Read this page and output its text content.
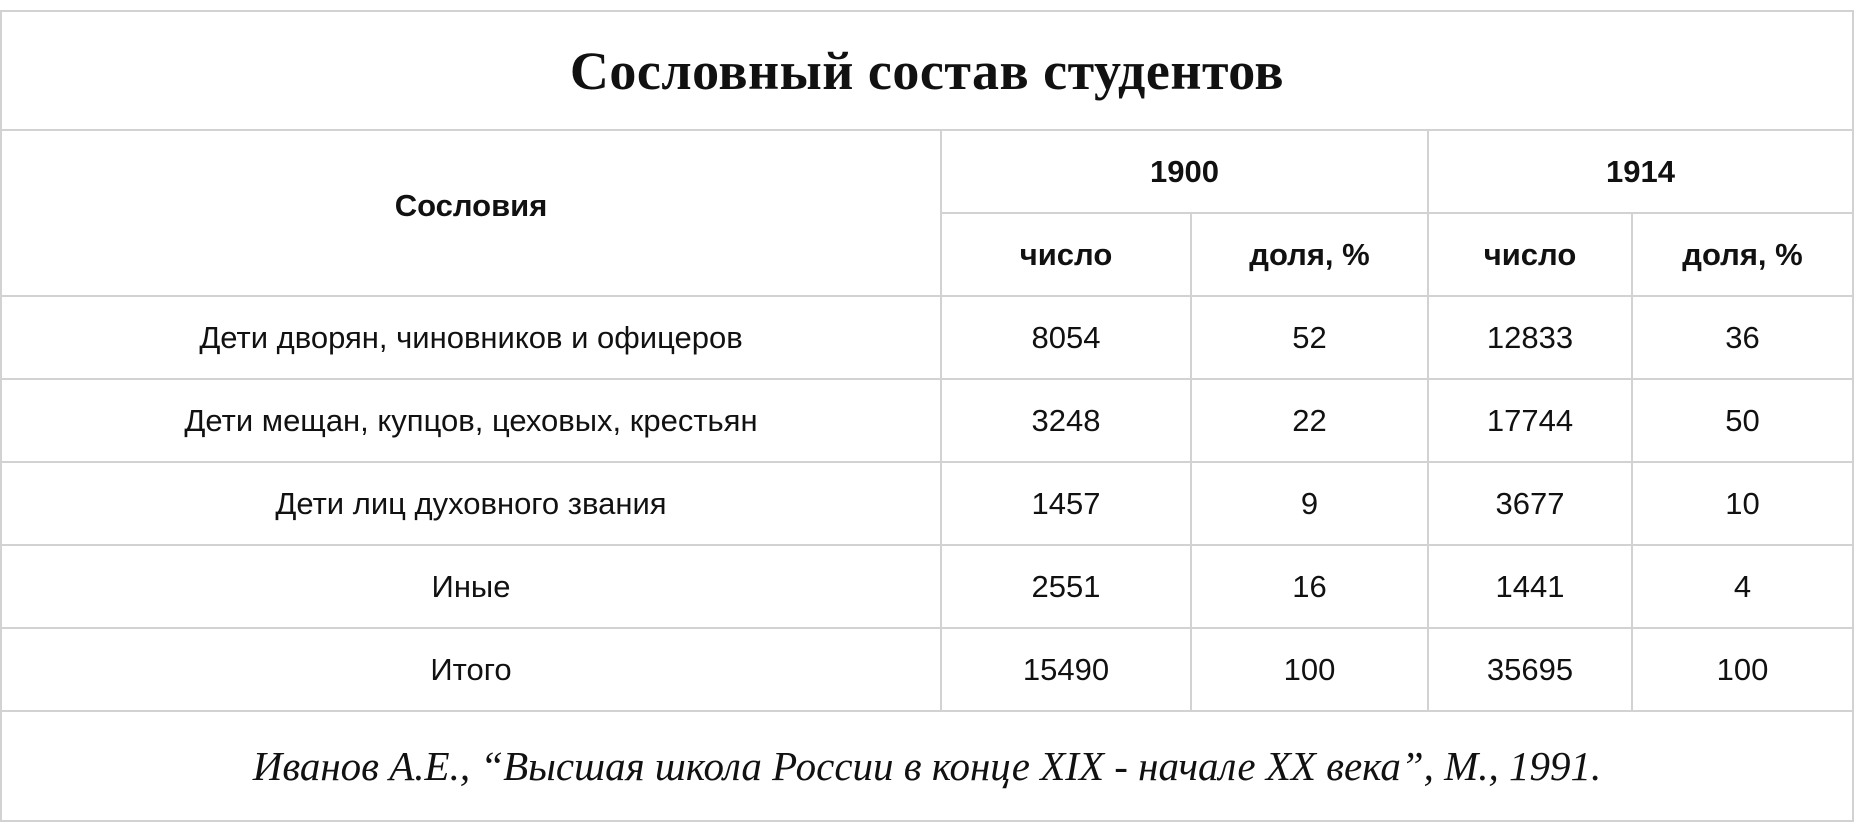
Сословный состав студентов				
Сословия	1900		1914	
	число	доля, %	число	доля, %
Дети дворян, чиновников и офицеров	8054	52	12833	36
Дети мещан, купцов, цеховых, крестьян	3248	22	17744	50
Дети лиц духовного звания	1457	9	3677	10
Иные	2551	16	1441	4
Итого	15490	100	35695	100
Иванов А.Е., “Высшая школа России в конце XIX - начале XX века”, М., 1991.				
